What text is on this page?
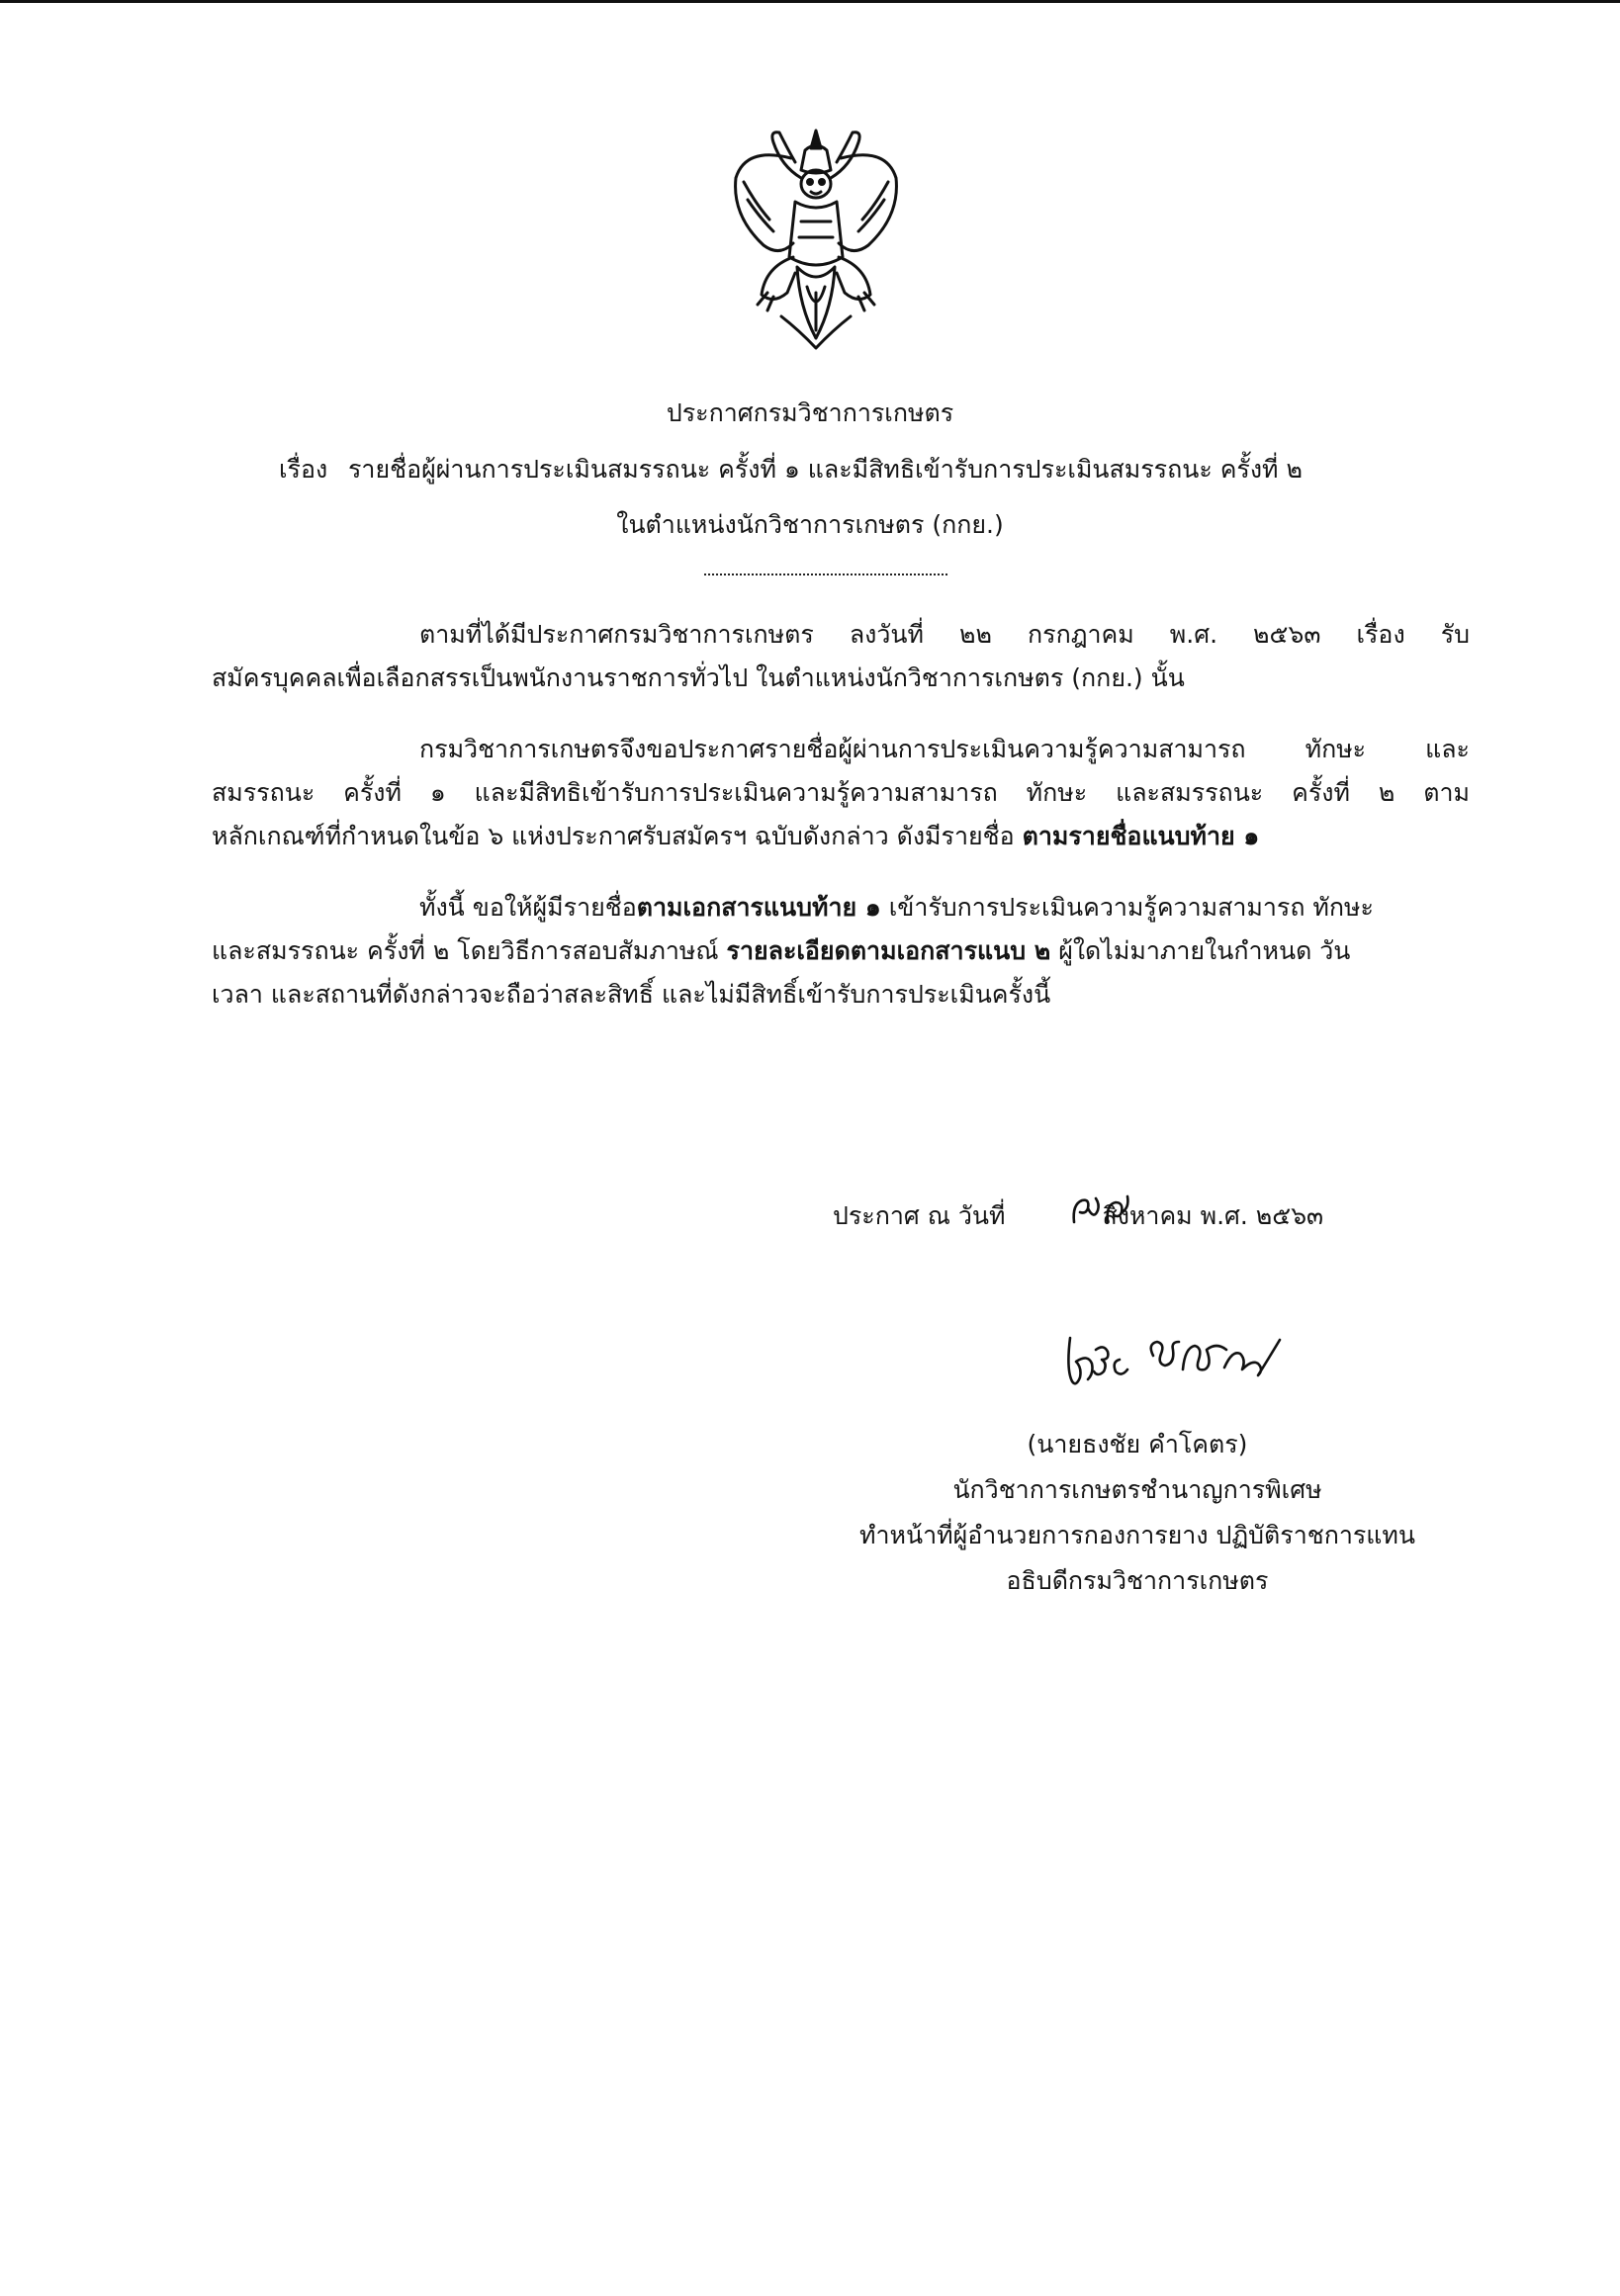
ประกาศกรมวิชาการเกษตร
เรื่อง รายชื่อผู้ผ่านการประเมินสมรรถนะ ครั้งที่ ๑ และมีสิทธิเข้ารับการประเมินสมรรถนะ ครั้งที่ ๒
ในตำแหน่งนักวิชาการเกษตร (กกย.)
ตามที่ได้มีประกาศกรมวิชาการเกษตร ลงวันที่ ๒๒ กรกฎาคม พ.ศ. ๒๕๖๓ เรื่อง รับ
สมัครบุคคลเพื่อเลือกสรรเป็นพนักงานราชการทั่วไป ในตำแหน่งนักวิชาการเกษตร (กกย.) นั้น
กรมวิชาการเกษตรจึงขอประกาศรายชื่อผู้ผ่านการประเมินความรู้ความสามารถ ทักษะ และ
สมรรถนะ ครั้งที่ ๑ และมีสิทธิเข้ารับการประเมินความรู้ความสามารถ ทักษะ และสมรรถนะ ครั้งที่ ๒ ตาม
หลักเกณฑ์ที่กำหนดในข้อ ๖ แห่งประกาศรับสมัครฯ ฉบับดังกล่าว ดังมีรายชื่อ ตามรายชื่อแนบท้าย ๑
ทั้งนี้ ขอให้ผู้มีรายชื่อตามเอกสารแนบท้าย ๑ เข้ารับการประเมินความรู้ความสามารถ ทักษะ
และสมรรถนะ ครั้งที่ ๒ โดยวิธีการสอบสัมภาษณ์ รายละเอียดตามเอกสารแนบ ๒ ผู้ใดไม่มาภายในกำหนด วัน
เวลา และสถานที่ดังกล่าวจะถือว่าสละสิทธิ์ และไม่มีสิทธิ์เข้ารับการประเมินครั้งนี้
ประกาศ ณ วันที่	สิงหาคม พ.ศ. ๒๕๖๓
(นายธงชัย คำโคตร)
นักวิชาการเกษตรชำนาญการพิเศษ
ทำหน้าที่ผู้อำนวยการกองการยาง ปฏิบัติราชการแทน
อธิบดีกรมวิชาการเกษตร
